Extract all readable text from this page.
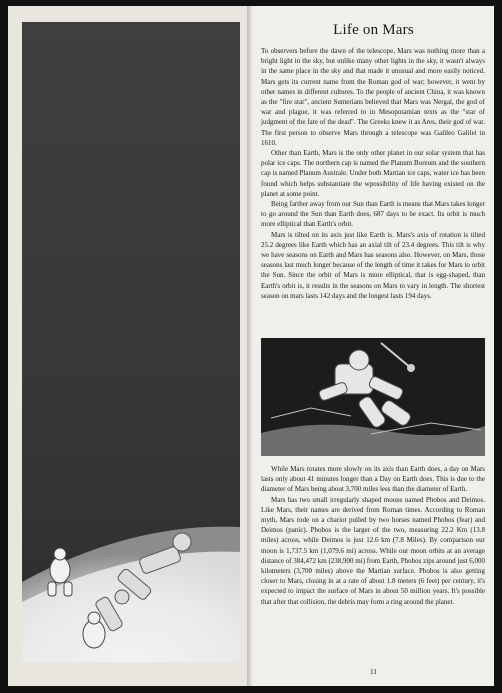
Life on Mars

To observers before the dawn of the telescope, Mars was nothing more than a bright light in the sky, but unlike many other lights in the sky, it wasn't always in the same place in the sky and that made it unusual and more easily noticed. Mars gets its current name from the Roman god of war; however, it went by other names in different cultures. To the people of ancient China, it was known as the "fire star", ancient Sumerians believed that Mars was Nergal, the god of war and plague, it was referred to in Mesopotamian texts as the "star of judgment of the fate of the dead". The Greeks knew it as Ares, their god of war. The first person to observe Mars through a telescope was Galileo Galilei in 1610.

Other than Earth, Mars is the only other planet in our solar system that has polar ice caps. The northern cap is named the Planum Boreum and the southern cap is named Planum Australe. Under both Martian ice caps, water ice has been found which helps substantiate the wpossibility of life having existed on the planet at some point.

Being farther away from our Sun than Earth is means that Mars takes longer to go around the Sun than Earth does, 687 days to be exact. Its orbit is much more elliptical than Earth's orbit.

Mars is tilted on its axis just like Earth is. Mars's axis of rotation is tilted 25.2 degrees like Earth which has an axial tilt of 23.4 degrees. This tilt is why we have seasons on Earth and Mars has seasons also. However, on Mars, those seasons last much longer because of the length of time it takes for Mars to orbit the Sun. Since the orbit of Mars is more elliptical, that is egg-shaped, than Earth's orbit is, it results in the seasons on Mars to vary in length. The shortest season on mars lasts 142 days and the longest lasts 194 days.

While Mars rotates more slowly on its axis than Earth does, a day on Mars lasts only about 41 minutes longer than a Day on Earth does. This is due to the diameter of Mars being about 3,700 miles less than the diameter of Earth.

Mars has two small irregularly shaped moons named Phobos and Deimos. Like Mars, their names are derived from Roman times. According to Roman myth, Mars rode on a chariot pulled by two horses named Phobos (fear) and Deimos (panic). Phobos is the larger of the two, measuring 22.2 Km (13.8 miles) across, while Deimos is just 12.6 km (7.8 Miles). By comparison our moon is 1,737.5 km (1,079.6 mi) across. While our moon orbits at an average distance of 384,472 km (238,900 mi) from Earth, Phobos zips around just 6,000 kilometers (3,700 miles) above the Martian surface. Phobos is also getting closer to Mars, closing in at a rate of about 1.8 meters (6 feet) per century, it's expected to impact the surface of Mars in about 50 million years. It's possible that after that collision, the debris may form a ring around the planet.

11
